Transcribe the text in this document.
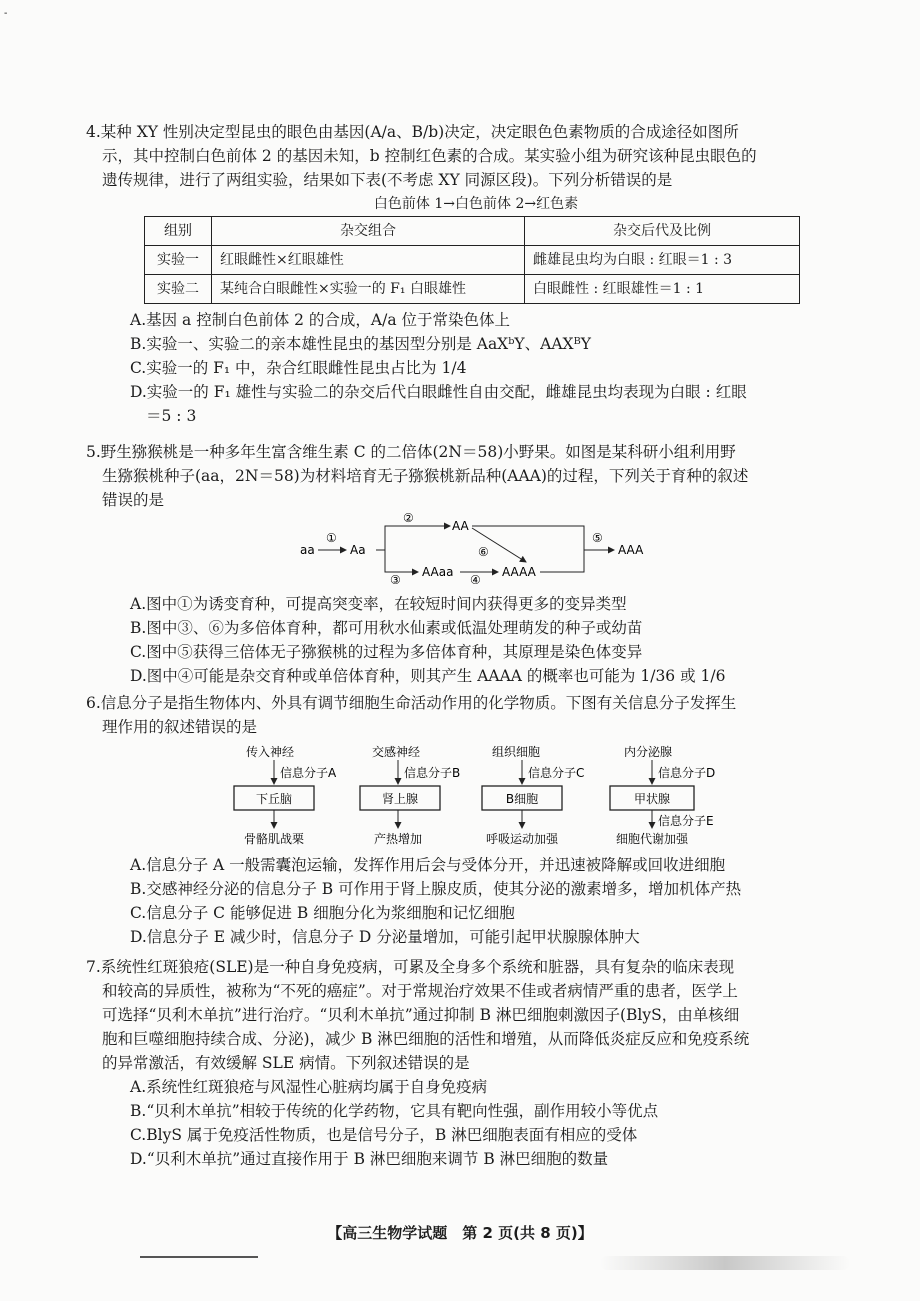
-

4.某种 XY 性别决定型昆虫的眼色由基因(A/a、B/b)决定，决定眼色色素物质的合成途径如图所

示，其中控制白色前体 2 的基因未知，b 控制红色素的合成。某实验小组为研究该种昆虫眼色的

遗传规律，进行了两组实验，结果如下表(不考虑 XY 同源区段)。下列分析错误的是

白色前体 1→白色前体 2→红色素

组别	杂交组合	杂交后代及比例
实验一	红眼雌性×红眼雄性	雌雄昆虫均为白眼 : 红眼＝1 : 3
实验二	某纯合白眼雌性×实验一的 F₁ 白眼雄性	白眼雌性 : 红眼雄性＝1 : 1

A.基因 a 控制白色前体 2 的合成，A/a 位于常染色体上

B.实验一、实验二的亲本雄性昆虫的基因型分别是 AaXᵇY、AAXᴮY

C.实验一的 F₁ 中，杂合红眼雌性昆虫占比为 1/4

D.实验一的 F₁ 雄性与实验二的杂交后代白眼雌性自由交配，雌雄昆虫均表现为白眼 : 红眼

＝5 : 3

5.野生猕猴桃是一种多年生富含维生素 C 的二倍体(2N＝58)小野果。如图是某科研小组利用野

生猕猴桃种子(aa，2N＝58)为材料培育无子猕猴桃新品种(AAA)的过程，下列关于育种的叙述

错误的是

aa
①
Aa
②
③
AA
AAaa
④
AAAA
⑥
⑤
AAA

A.图中①为诱变育种，可提高突变率，在较短时间内获得更多的变异类型

B.图中③、⑥为多倍体育种，都可用秋水仙素或低温处理萌发的种子或幼苗

C.图中⑤获得三倍体无子猕猴桃的过程为多倍体育种，其原理是染色体变异

D.图中④可能是杂交育种或单倍体育种，则其产生 AAAA 的概率也可能为 1/36 或 1/6

6.信息分子是指生物体内、外具有调节细胞生命活动作用的化学物质。下图有关信息分子发挥生

理作用的叙述错误的是

传入神经
信息分子A
下丘脑
骨骼肌战栗
交感神经
信息分子B
肾上腺
产热增加
组织细胞
信息分子C
B细胞
呼吸运动加强
内分泌腺
信息分子D
甲状腺
信息分子E
细胞代谢加强

A.信息分子 A 一般需囊泡运输，发挥作用后会与受体分开，并迅速被降解或回收进细胞

B.交感神经分泌的信息分子 B 可作用于肾上腺皮质，使其分泌的激素增多，增加机体产热

C.信息分子 C 能够促进 B 细胞分化为浆细胞和记忆细胞

D.信息分子 E 减少时，信息分子 D 分泌量增加，可能引起甲状腺腺体肿大

7.系统性红斑狼疮(SLE)是一种自身免疫病，可累及全身多个系统和脏器，具有复杂的临床表现

和较高的异质性，被称为“不死的癌症”。对于常规治疗效果不佳或者病情严重的患者，医学上

可选择“贝利木单抗”进行治疗。“贝利木单抗”通过抑制 B 淋巴细胞刺激因子(BlyS，由单核细

胞和巨噬细胞持续合成、分泌)，减少 B 淋巴细胞的活性和增殖，从而降低炎症反应和免疫系统

的异常激活，有效缓解 SLE 病情。下列叙述错误的是

A.系统性红斑狼疮与风湿性心脏病均属于自身免疫病

B.“贝利木单抗”相较于传统的化学药物，它具有靶向性强，副作用较小等优点

C.BlyS 属于免疫活性物质，也是信号分子，B 淋巴细胞表面有相应的受体

D.“贝利木单抗”通过直接作用于 B 淋巴细胞来调节 B 淋巴细胞的数量

【高三生物学试题　第 2 页(共 8 页)】
